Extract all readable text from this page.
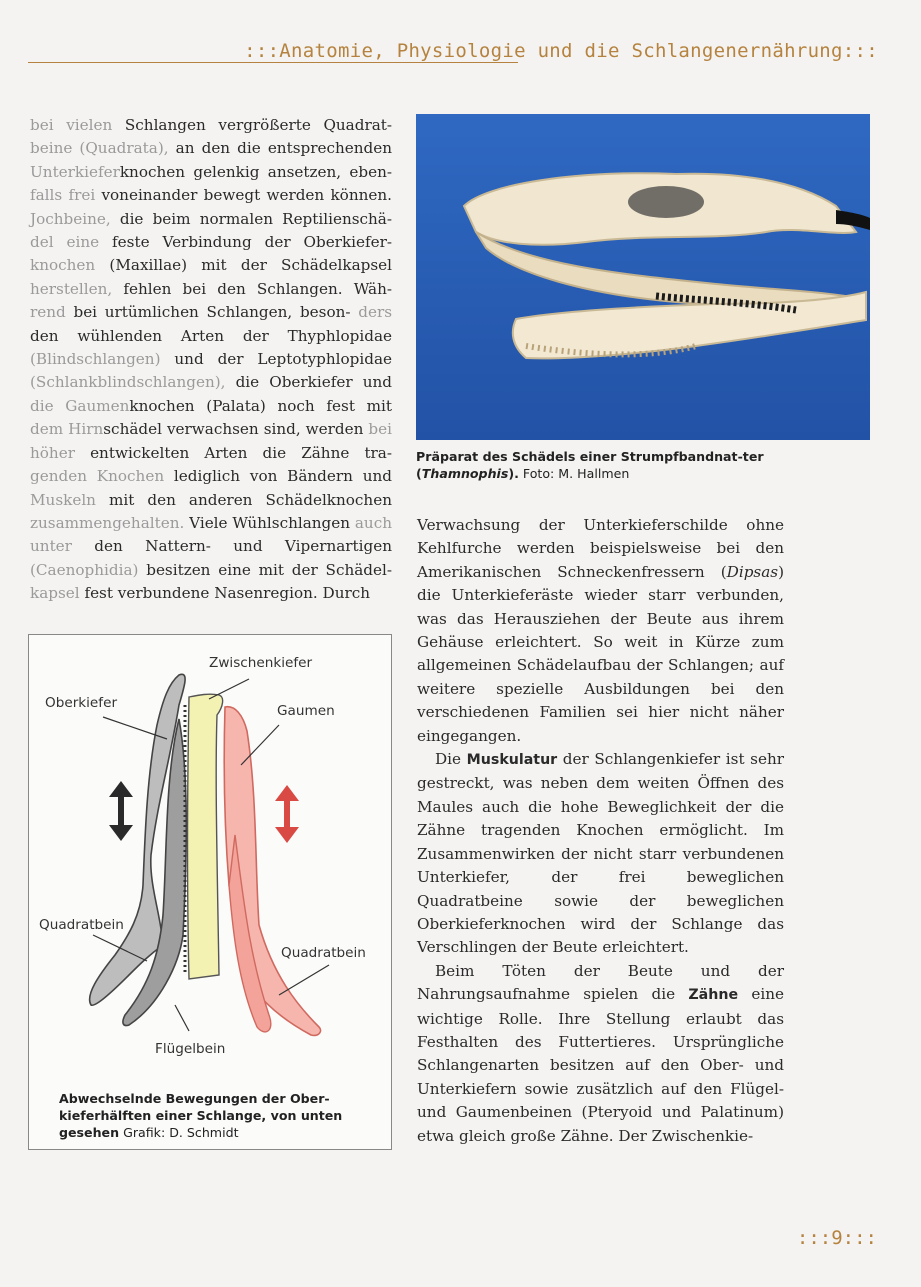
:::Anatomie, Physiologie und die Schlangenernährung:::

bei vielen Schlangen vergrößerte Quadrat- beine (Quadrata), an den die entsprechenden Unterkieferknochen gelenkig ansetzen, eben- falls frei voneinander bewegt werden können. Jochbeine, die beim normalen Reptilienschä- del eine feste Verbindung der Oberkiefer- knochen (Maxillae) mit der Schädelkapsel herstellen, fehlen bei den Schlangen. Wäh- rend bei urtümlichen Schlangen, beson- ders den wühlenden Arten der Thyphlopidae (Blindschlangen) und der Leptotyphlopidae (Schlankblindschlangen), die Oberkiefer und die Gaumenknochen (Palata) noch fest mit dem Hirnschädel verwachsen sind, werden bei höher entwickelten Arten die Zähne tra- genden Knochen lediglich von Bändern und Muskeln mit den anderen Schädelknochen zusammengehalten. Viele Wühlschlangen auch unter den Nattern- und Vipernartigen (Caenophidia) besitzen eine mit der Schädel- kapsel fest verbundene Nasenregion. Durch

Präparat des Schädels einer Strumpfbandnat-ter (Thamnophis). Foto: M. Hallmen
Zwischenkiefer
Oberkiefer	Gaumen
Quadratbein
Quadratbein
Flügelbein
Abwechselnde Bewegungen der Ober-kieferhälften einer Schlange, von unten gesehen Grafik: D. Schmidt

Verwachsung der Unterkieferschilde ohne Kehlfurche werden beispielsweise bei den Amerikanischen Schneckenfressern (Dipsas) die Unterkieferäste wieder starr verbunden, was das Herausziehen der Beute aus ihrem Gehäuse erleichtert. So weit in Kürze zum allgemeinen Schädelaufbau der Schlangen; auf weitere spezielle Ausbildungen bei den verschiedenen Familien sei hier nicht näher eingegangen.

Die Muskulatur der Schlangenkiefer ist sehr gestreckt, was neben dem weiten Öffnen des Maules auch die hohe Beweglichkeit der die Zähne tragenden Knochen ermöglicht. Im Zusammenwirken der nicht starr verbundenen Unterkiefer, der frei beweglichen Quadratbeine sowie der beweglichen Oberkieferknochen wird der Schlange das Verschlingen der Beute erleichtert.

Beim Töten der Beute und der Nahrungsaufnahme spielen die Zähne eine wichtige Rolle. Ihre Stellung erlaubt das Festhalten des Futtertieres. Ursprüngliche Schlangenarten besitzen auf den Ober- und Unterkiefern sowie zusätzlich auf den Flügel- und Gaumenbeinen (Pteryoid und Palatinum) etwa gleich große Zähne. Der Zwischenkie-

:::9:::
